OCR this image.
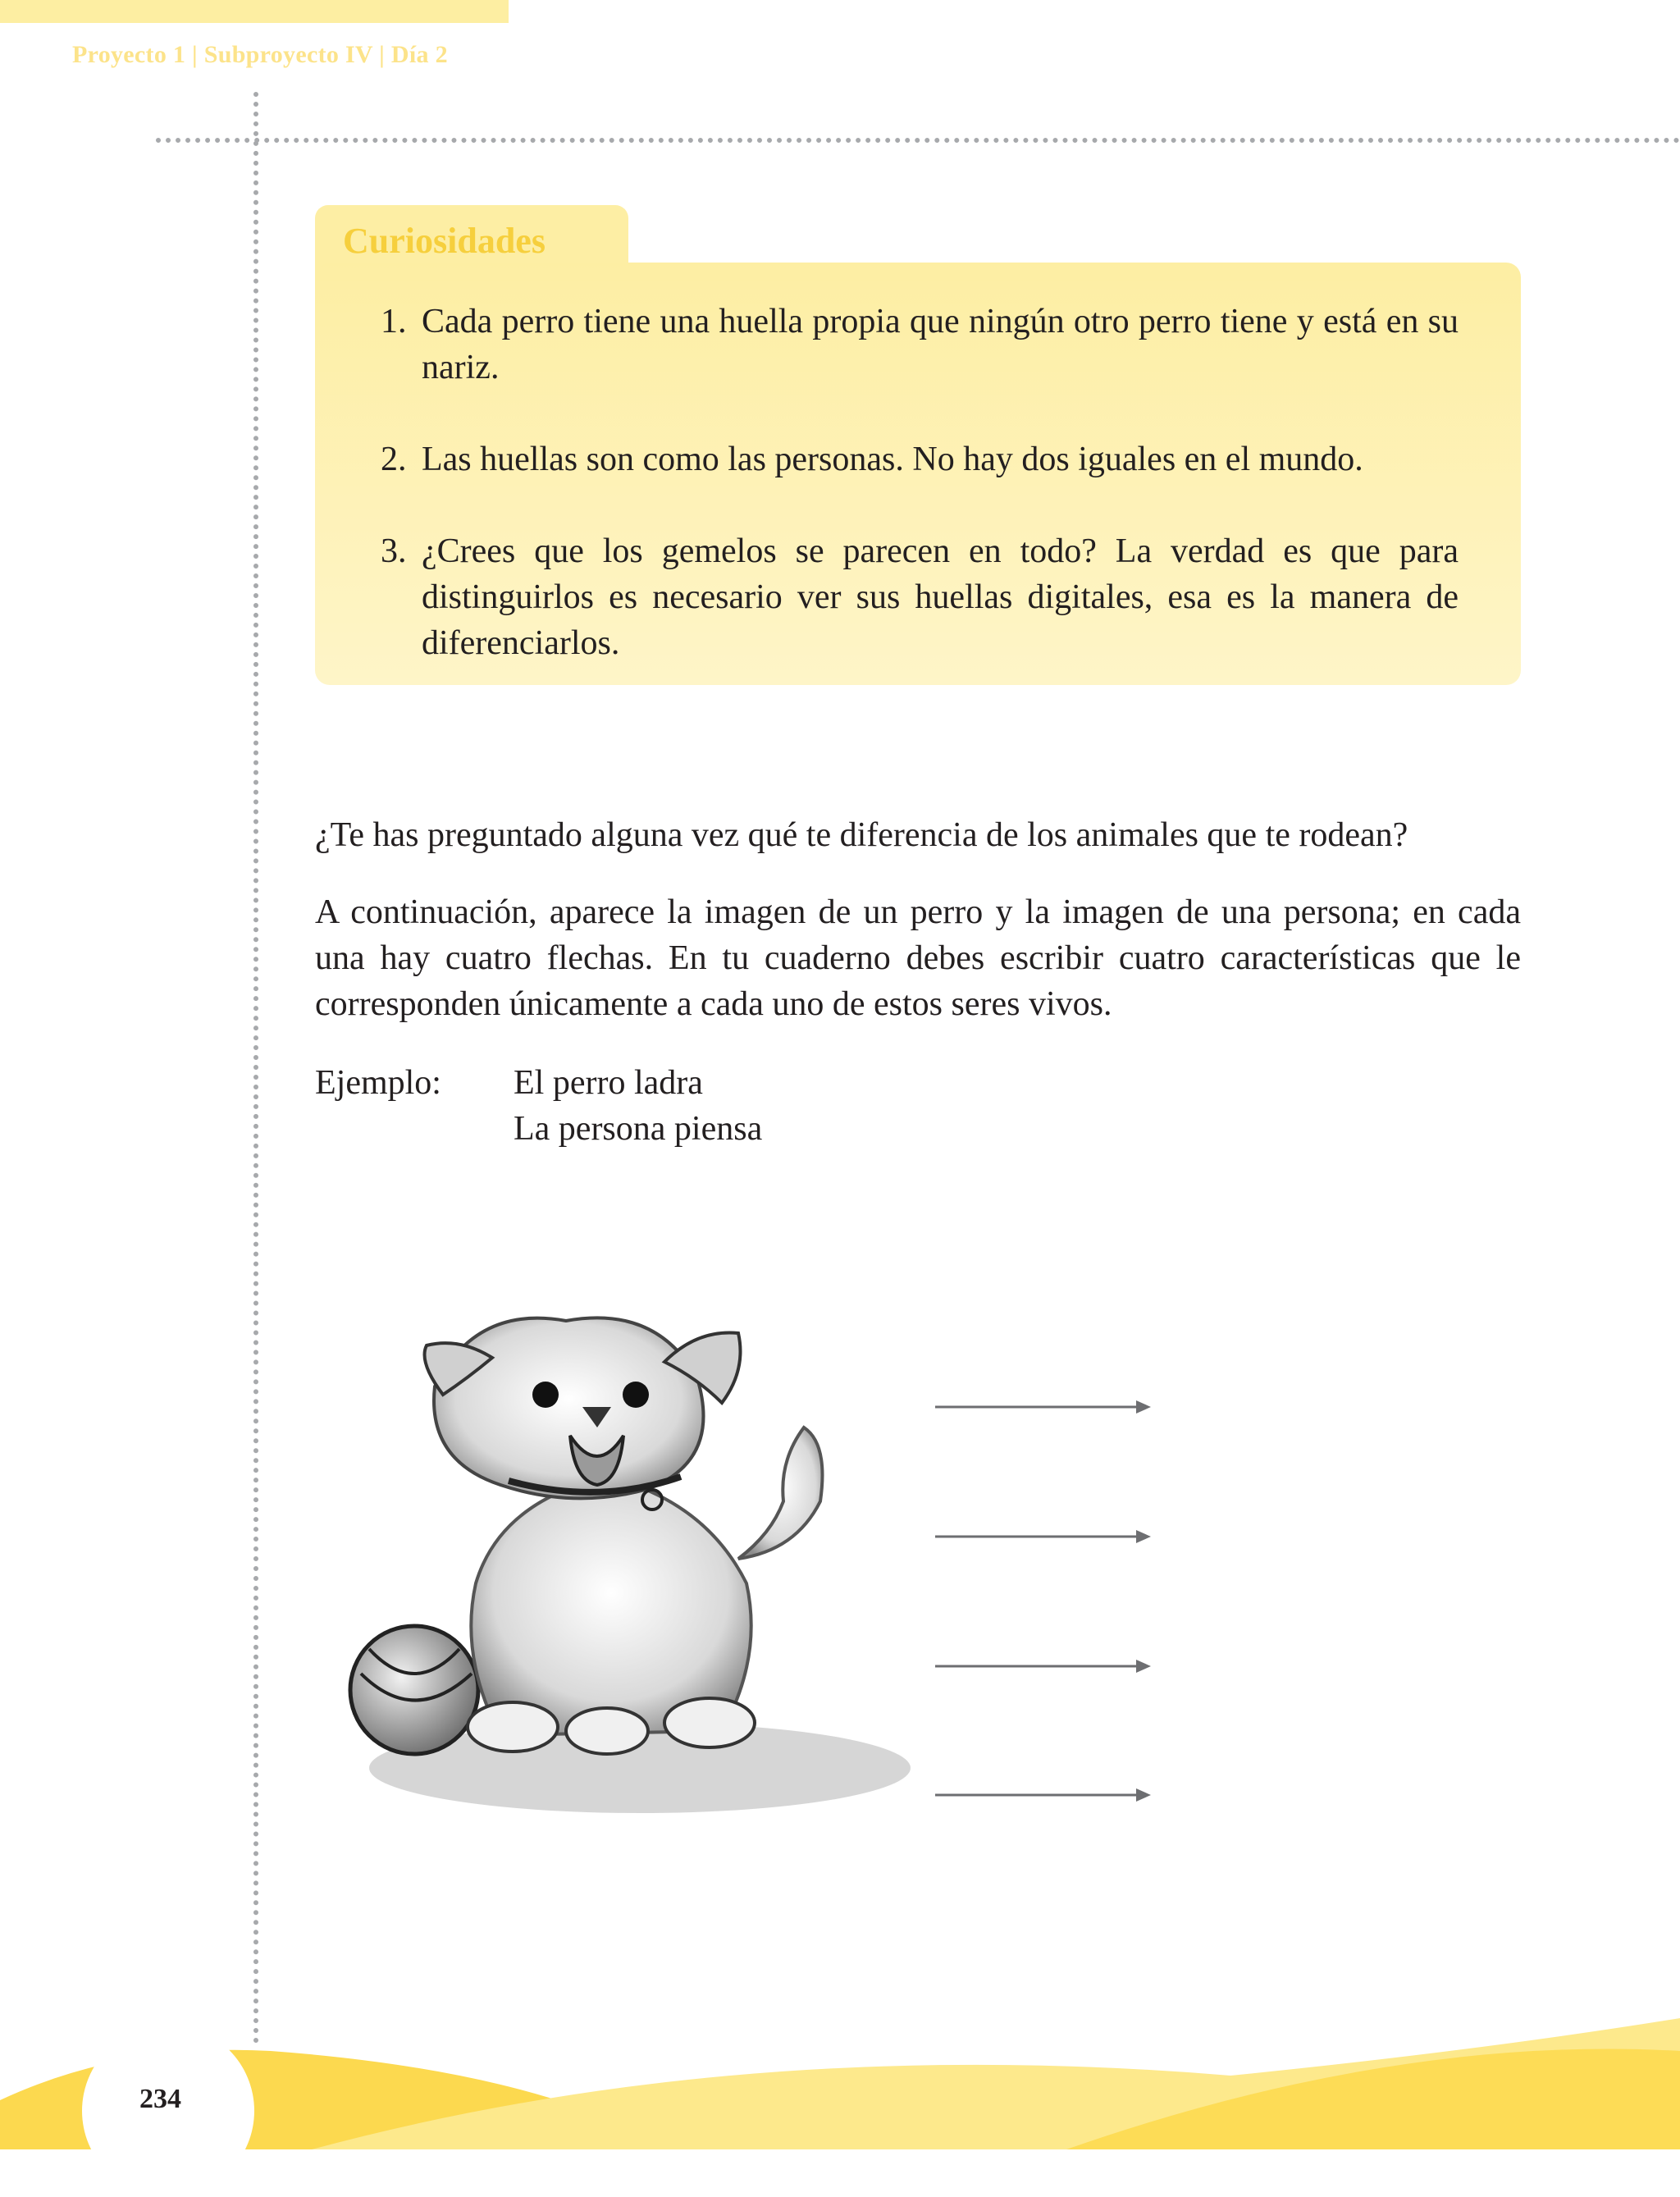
Proyecto 1 | Subproyecto IV | Día 2
Curiosidades
1. Cada perro tiene una huella propia que ningún otro perro tiene y está en su nariz.
2. Las huellas son como las personas. No hay dos iguales en el mundo.
3. ¿Crees que los gemelos se parecen en todo? La verdad es que para distinguirlos es necesario ver sus huellas digitales, esa es la manera de diferenciarlos.
¿Te has preguntado alguna vez qué te diferencia de los animales que te rodean?
A continuación, aparece la imagen de un perro y la imagen de una persona; en cada una hay cuatro flechas. En tu cuaderno debes escribir cuatro características que le corresponden únicamente a cada uno de estos seres vivos.
Ejemplo: El perro ladra
La persona piensa
234
